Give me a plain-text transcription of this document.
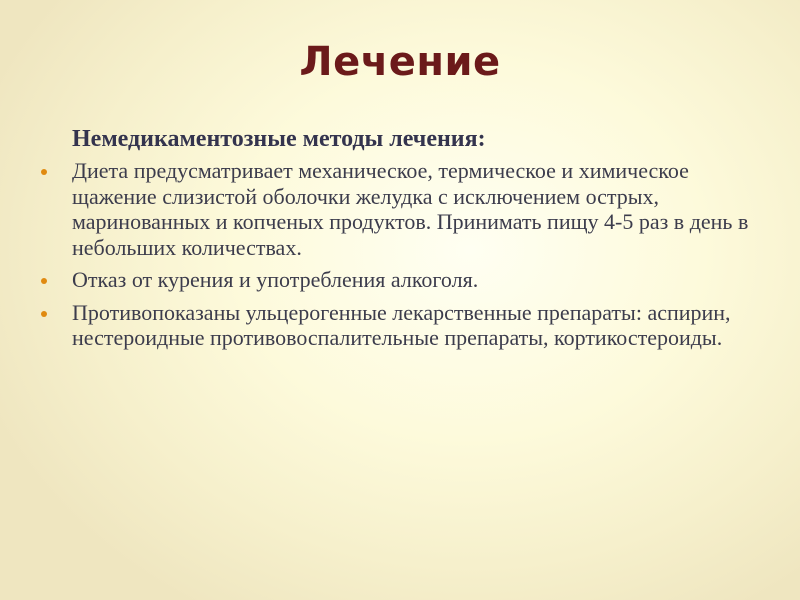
Лечение
Немедикаментозные методы лечения:
Диета предусматривает механическое, термическое и химическое щажение слизистой оболочки желудка с исключением острых, маринованных и копченых продуктов. Принимать пищу 4-5 раз в день в небольших количествах.
Отказ от курения и употребления алкоголя.
Противопоказаны ульцерогенные лекарственные препараты: аспирин, нестероидные противовоспалительные препараты, кортикостероиды.
